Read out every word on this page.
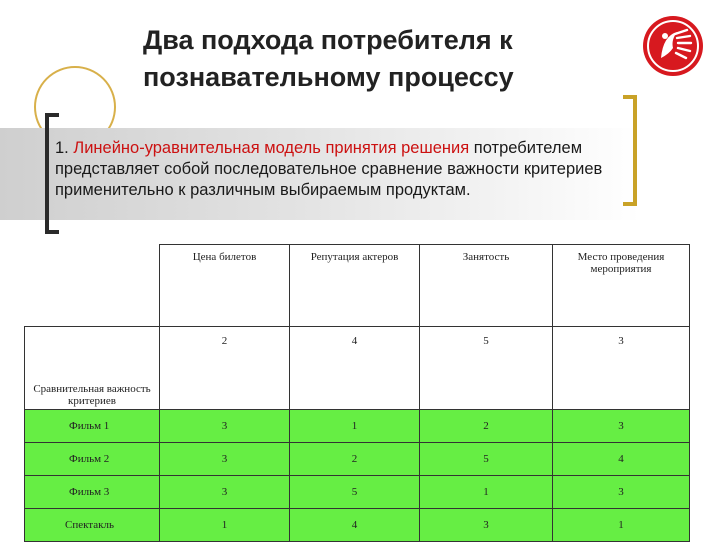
Два подхода потребителя к
познавательному процессу
1. Линейно-уравнительная модель принятия решения потребителем представляет собой последовательное сравнение важности критериев применительно к различным выбираемым продуктам.
	Цена билетов	Репутация актеров	Занятость	Место проведения мероприятия
Сравнительная важность критериев	2	4	5	3
Фильм 1	3	1	2	3
Фильм 2	3	2	5	4
Фильм 3	3	5	1	3
Спектакль	1	4	3	1
